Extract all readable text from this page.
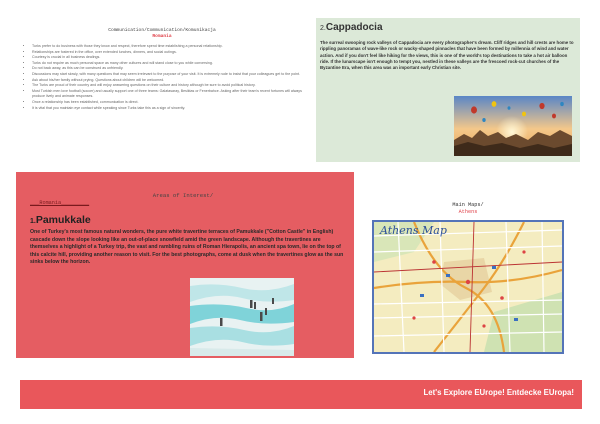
Communication/Communication/Komunikacja
Romania
• Turks prefer to do business with those they know and respect, therefore spend time establishing a personal relationship.
• Relationships are fostered in the office, over extended lunches, dinners, and social outings.
• Courtesy is crucial in all business dealings.
• Turks do not require as much personal space as many other cultures and will stand close to you while conversing.
• Do not back away, as this can be construed as unfriendly.
• Discussions may start slowly, with many questions that may seem irrelevant to the purpose of your visit. It is extremely rude to insist that your colleagues get to the point.
• Ask about his/her family without prying. Questions about children will be welcomed.
• The Turks are proud of their country and will enjoy answering questions on their culture and history although be sure to avoid political history.
• Most Turkish men love football (soccer) and usually support one of three teams: Galatasaray, Besiktas or Fenerbahce. Asking after their team's recent fortunes will always produce lively and animate responses.
• Once a relationship has been established, communication is direct.
• It is vital that you maintain eye contact while speaking since Turks take this as a sign of sincerity.
2.Cappadocia

The surreal swooping rock valleys of Cappadocia are every photographer's dream. Cliff ridges and hill crests are home to rippling panoramas of wave-like rock or wacky-shaped pinnacles that have been formed by millennia of wind and water action. And if you don't feel like hiking for the views, this is one of the world's top destinations to take a hot air balloon ride. If the lunarscape isn't enough to tempt you, nestled in these valleys are the frescoed rock-cut churches of the Byzantine Era, when this area was an important early Christian site.

Areas of Interest/
___Romania_________
1.Pamukkale

One of Turkey's most famous natural wonders, the pure white travertine terraces of Pamukkale ("Cotton Castle" in English) cascade down the slope looking like an out-of-place snowfield amid the green landscape. Although the travertines are themselves a highlight of a Turkey trip, the vast and rambling ruins of Roman Hierapolis, an ancient spa town, lie on the top of this calcite hill, providing another reason to visit. For the best photographs, come at dusk when the travertines glow as the sun sinks below the horizon.

Main Maps/
Athens
Athens Map
Let's Explore EUrope! Entdecke EUropa!
